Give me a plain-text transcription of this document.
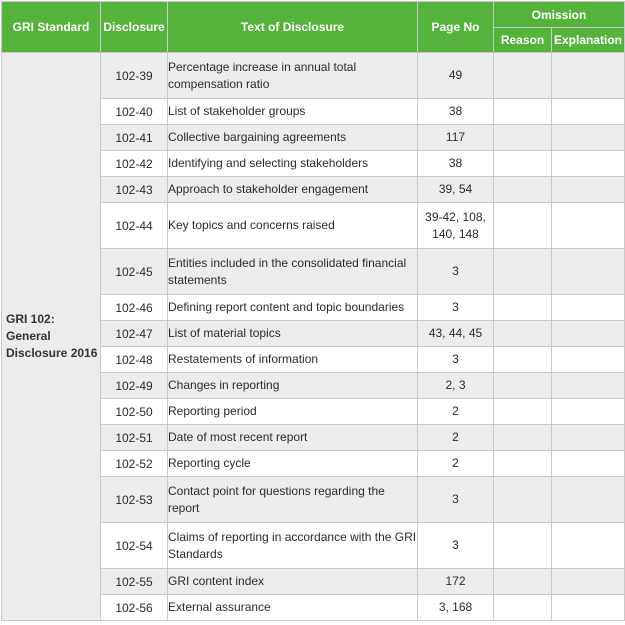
GRI Standard	Disclosure	Text of Disclosure	Page No	Omission	
				Reason	Explanation
GRI 102: General Disclosure 2016	102-39	Percentage increase in annual total compensation ratio	49		
	102-40	List of stakeholder groups	38		
	102-41	Collective bargaining agreements	117		
	102-42	Identifying and selecting stakeholders	38		
	102-43	Approach to stakeholder engagement	39, 54		
	102-44	Key topics and concerns raised	39-42, 108, 140, 148		
	102-45	Entities included in the consolidated financial statements	3		
	102-46	Defining report content and topic boundaries	3		
	102-47	List of material topics	43, 44, 45		
	102-48	Restatements of information	3		
	102-49	Changes in reporting	2, 3		
	102-50	Reporting period	2		
	102-51	Date of most recent report	2		
	102-52	Reporting cycle	2		
	102-53	Contact point for questions regarding the report	3		
	102-54	Claims of reporting in accordance with the GRI Standards	3		
	102-55	GRI content index	172		
	102-56	External assurance	3, 168		
